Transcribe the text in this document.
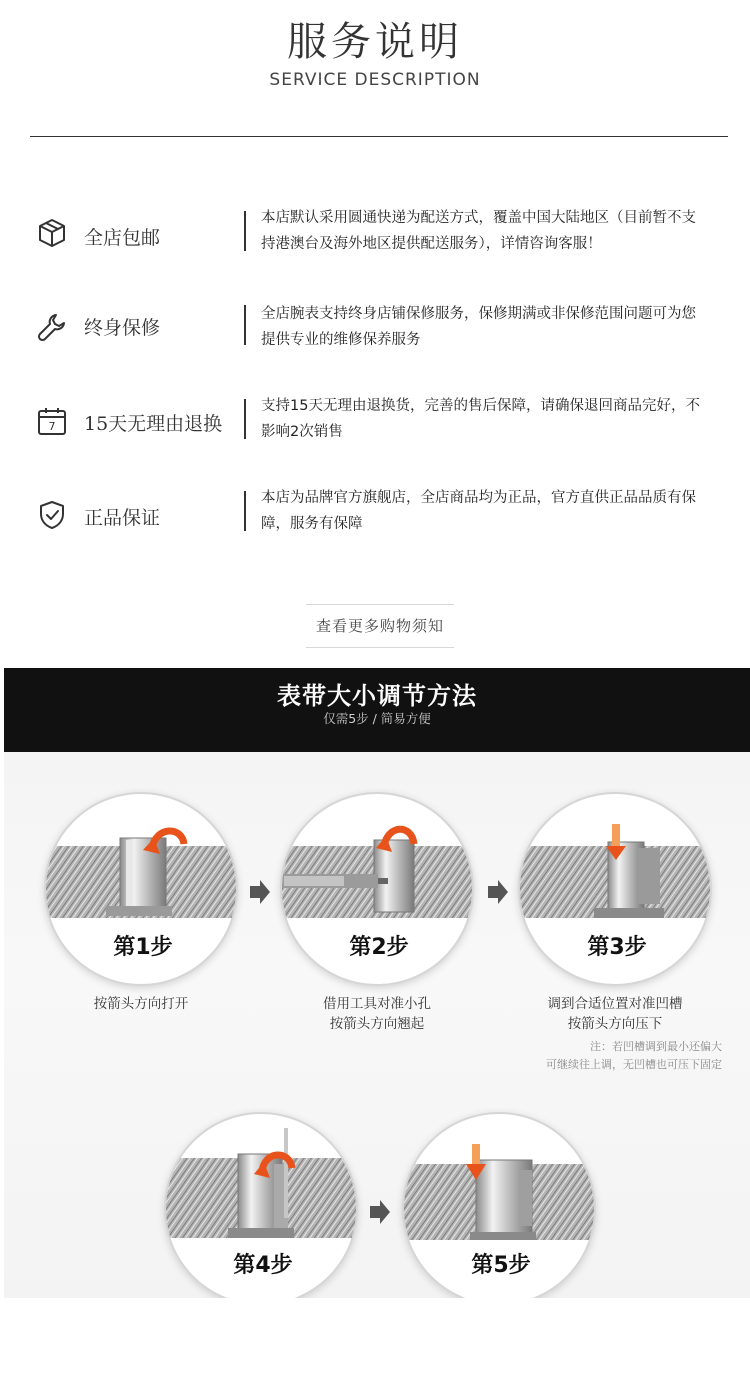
服务说明
SERVICE DESCRIPTION
全店包邮
本店默认采用圆通快递为配送方式，覆盖中国大陆地区（目前暂不支持港澳台及海外地区提供配送服务），详情咨询客服！
终身保修
全店腕表支持终身店铺保修服务，保修期满或非保修范围问题可为您提供专业的维修保养服务
7 15天无理由退换
支持15天无理由退换货，完善的售后保障，请确保退回商品完好，不影响2次销售
正品保证
本店为品牌官方旗舰店，全店商品均为正品，官方直供正品品质有保障，服务有保障
查看更多购物须知
表带大小调节方法
仅需5步 / 简易方便
第1步	第2步	第3步
按箭头方向打开	借用工具对准小孔
按箭头方向翘起
调到合适位置对准凹槽
按箭头方向压下
注：若凹槽调到最小还偏大
可继续往上调，无凹槽也可压下固定
第4步	第5步
